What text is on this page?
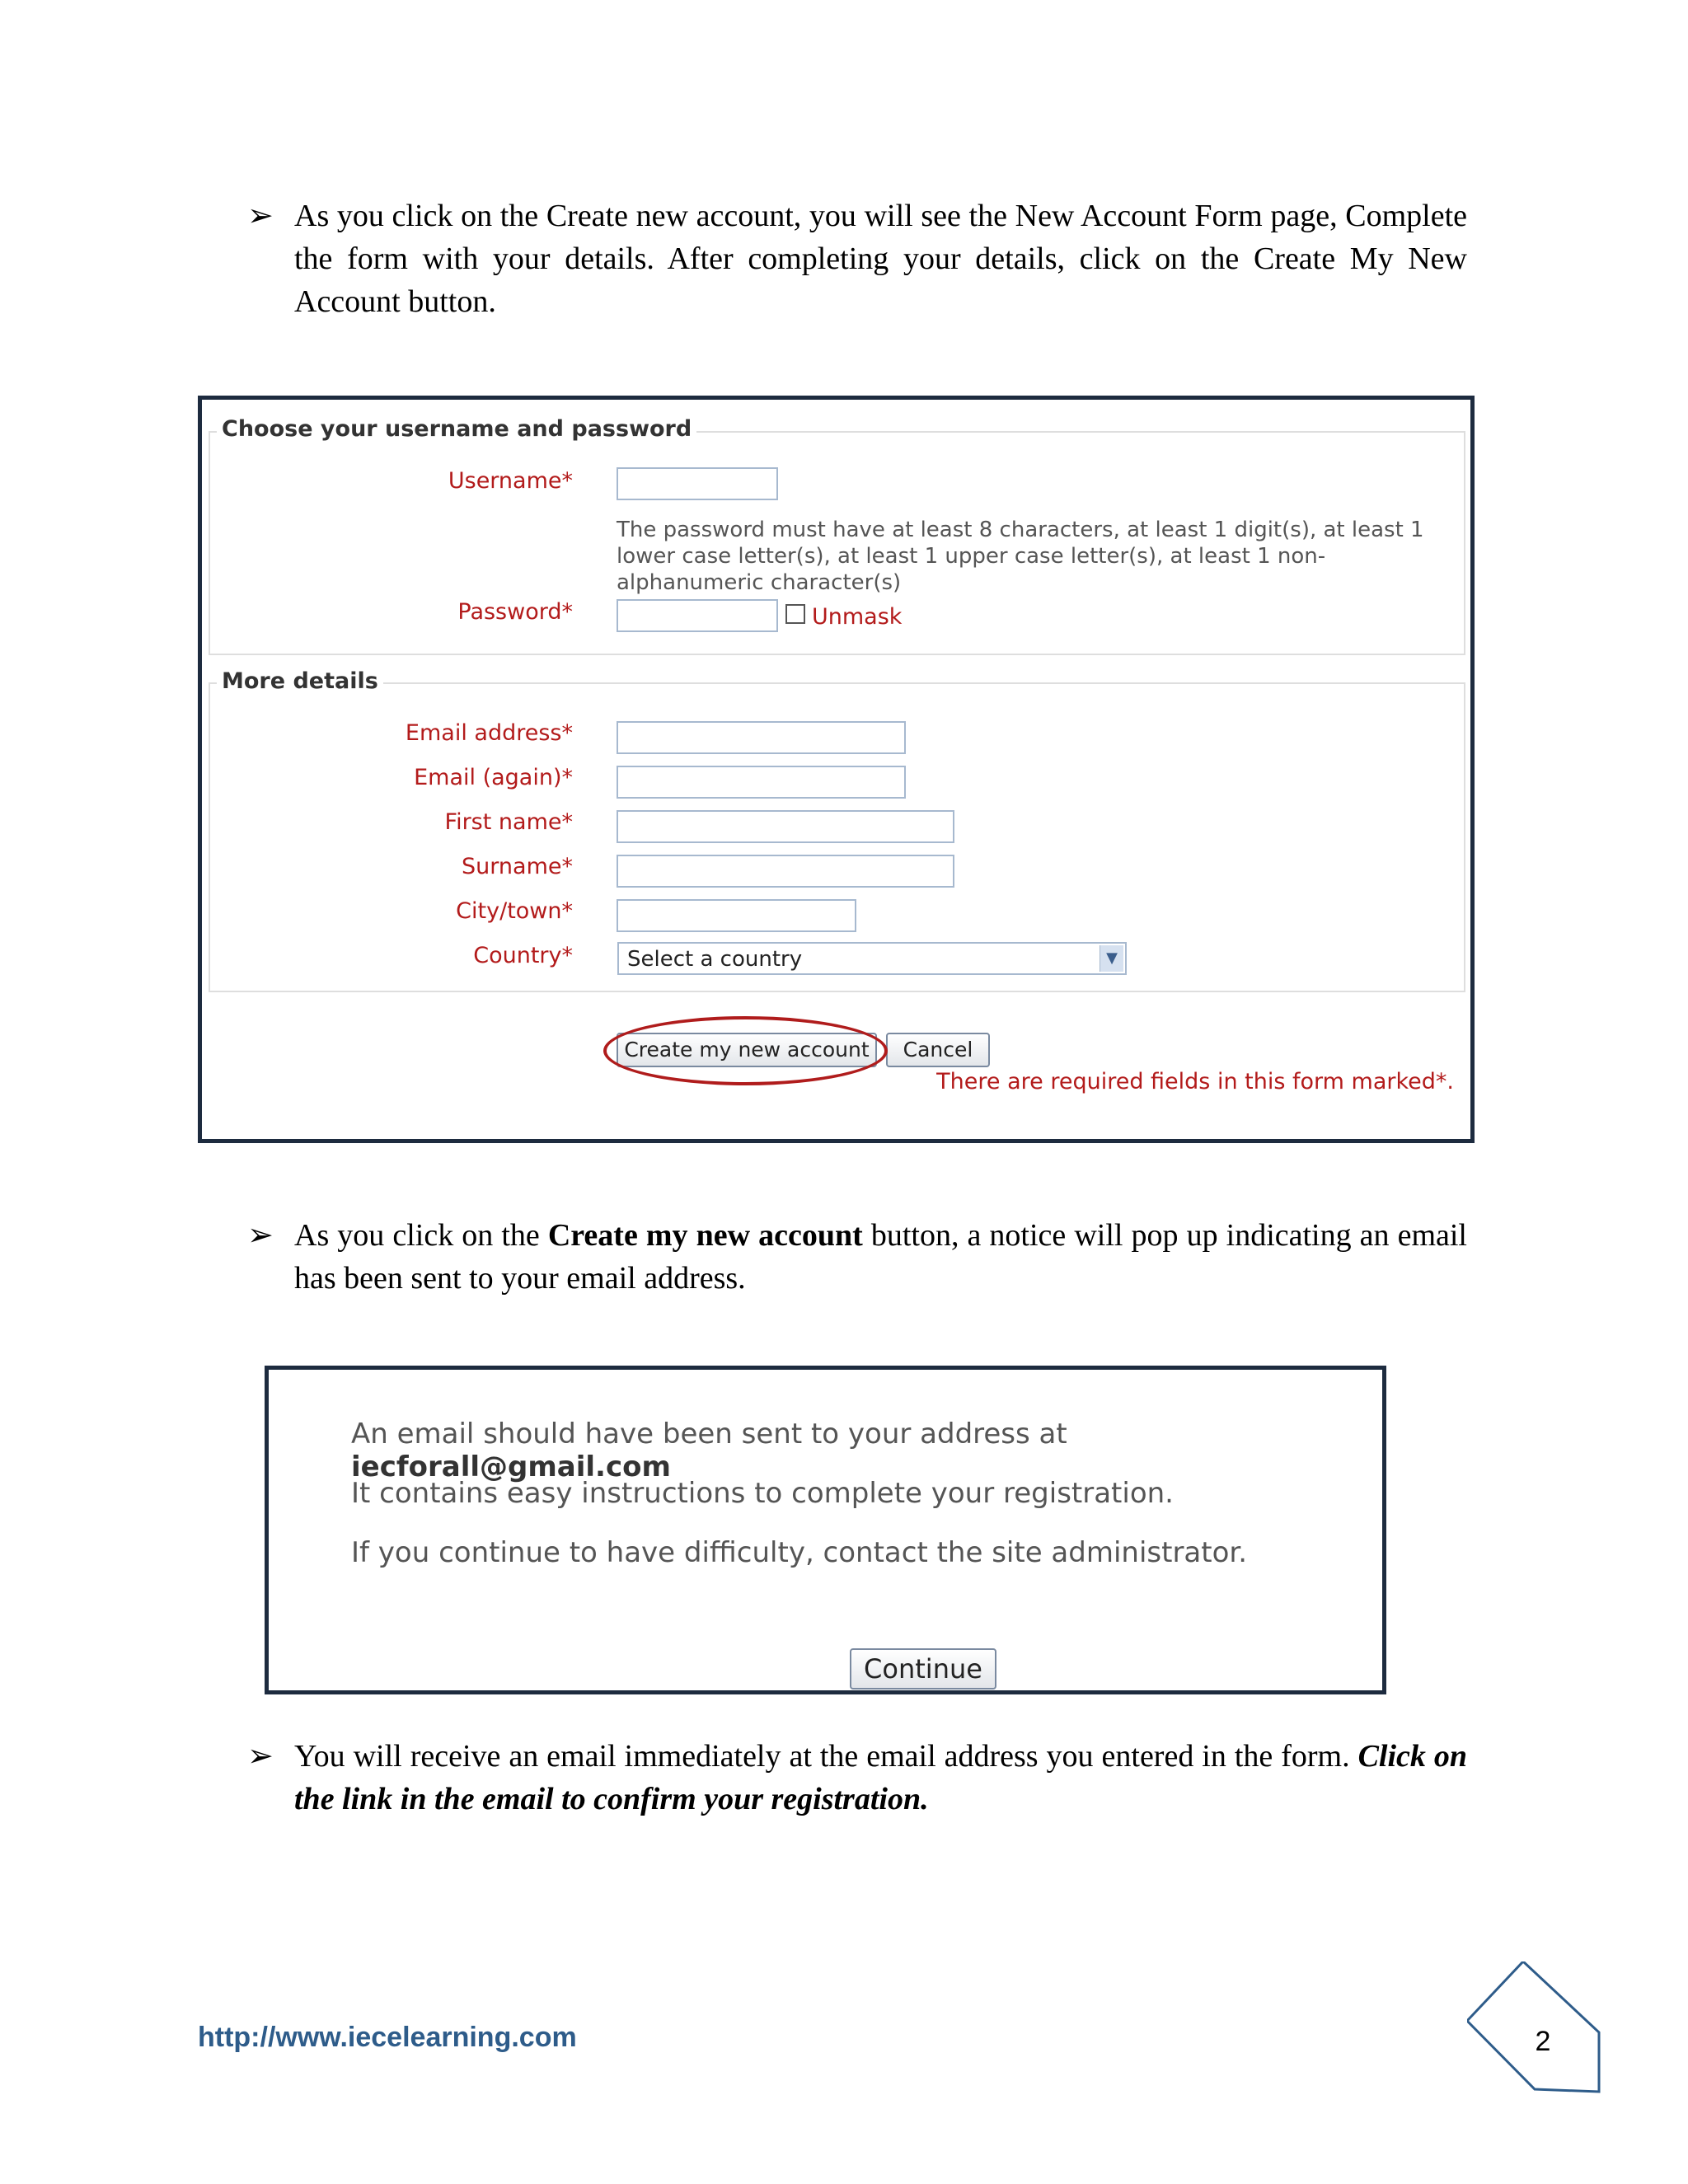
➢ As you click on the Create new account, you will see the New Account Form page, Complete the form with your details. After completing your details, click on the Create My New Account button.
Choose your username and password
Username*
The password must have at least 8 characters, at least 1 digit(s), at least 1 lower case letter(s), at least 1 upper case letter(s), at least 1 non-alphanumeric character(s)
Password*	Unmask
More details
Email address*
Email (again)*
First name*
Surname*
City/town*
Country*	Select a country	▼
Create my new account	Cancel
There are required fields in this form marked*.
➢ As you click on the Create my new account button, a notice will pop up indicating an email has been sent to your email address.
An email should have been sent to your address at iecforall@gmail.com
It contains easy instructions to complete your registration.
If you continue to have difficulty, contact the site administrator.
Continue
➢ You will receive an email immediately at the email address you entered in the form. Click on the link in the email to confirm your registration.
http://www.iecelearning.com	2
